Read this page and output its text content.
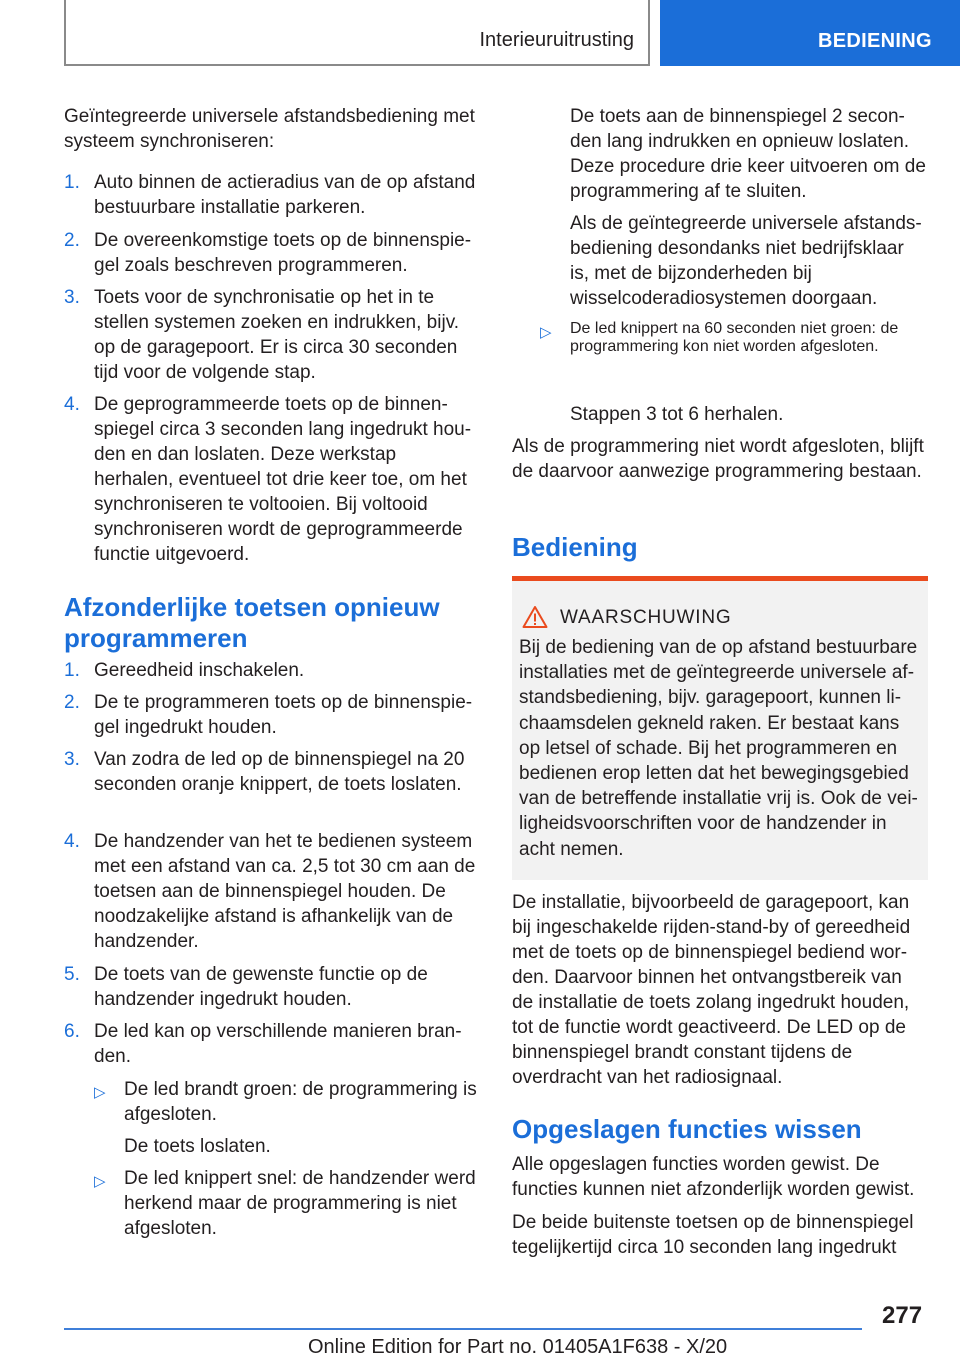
Interieuruitrusting	BEDIENING

Geïntegreerde universele afstandsbediening met systeem synchroniseren:

1. Auto binnen de actieradius van de op afstand bestuurbare installatie parkeren.
2. De overeenkomstige toets op de binnenspiegel zoals beschreven programmeren.
3. Toets voor de synchronisatie op het in te stellen systemen zoeken en indrukken, bijv. op de garagepoort. Er is circa 30 seconden tijd voor de volgende stap.
4. De geprogrammeerde toets op de binnenspiegel circa 3 seconden lang ingedrukt houden en dan loslaten. Deze werkstap herhalen, eventueel tot drie keer toe, om het synchroniseren te voltooien. Bij voltooid synchroniseren wordt de geprogrammeerde functie uitgevoerd.
Afzonderlijke toetsen opnieuw programmeren
1. Gereedheid inschakelen.
2. De te programmeren toets op de binnenspiegel ingedrukt houden.
3. Van zodra de led op de binnenspiegel na 20 seconden oranje knippert, de toets loslaten.
4. De handzender van het te bedienen systeem met een afstand van ca. 2,5 tot 30 cm aan de toetsen aan de binnenspiegel houden. De noodzakelijke afstand is afhankelijk van de handzender.
5. De toets van de gewenste functie op de handzender ingedrukt houden.
6. De led kan op verschillende manieren branden.
▷ De led brandt groen: de programmering is afgesloten.

De toets loslaten.

▷ De led knippert snel: de handzender werd herkend maar de programmering is niet afgesloten.

De toets aan de binnenspiegel 2 seconden lang indrukken en opnieuw loslaten. Deze procedure drie keer uitvoeren om de programmering af te sluiten.

Als de geïntegreerde universele afstandsbediening desondanks niet bedrijfsklaar is, met de bijzonderheden bij wisselcoderadiosystemen doorgaan.

▷ De led knippert na 60 seconden niet groen: de programmering kon niet worden afgesloten.

Stappen 3 tot 6 herhalen.

Als de programmering niet wordt afgesloten, blijft de daarvoor aanwezige programmering bestaan.

Bediening
WAARSCHUWING

Bij de bediening van de op afstand bestuurbare installaties met de geïntegreerde universele afstandsbediening, bijv. garagepoort, kunnen lichaamsdelen gekneld raken. Er bestaat kans op letsel of schade. Bij het programmeren en bedienen erop letten dat het bewegingsgebied van de betreffende installatie vrij is. Ook de veiligheidsvoorschriften voor de handzender in acht nemen.

De installatie, bijvoorbeeld de garagepoort, kan bij ingeschakelde rijden-stand-by of gereedheid met de toets op de binnenspiegel bediend worden. Daarvoor binnen het ontvangstbereik van de installatie de toets zolang ingedrukt houden, tot de functie wordt geactiveerd. De LED op de binnenspiegel brandt constant tijdens de overdracht van het radiosignaal.

Opgeslagen functies wissen

Alle opgeslagen functies worden gewist. De functies kunnen niet afzonderlijk worden gewist.

De beide buitenste toetsen op de binnenspiegel tegelijkertijd circa 10 seconden lang ingedrukt

277
Online Edition for Part no. 01405A1F638 - X/20
